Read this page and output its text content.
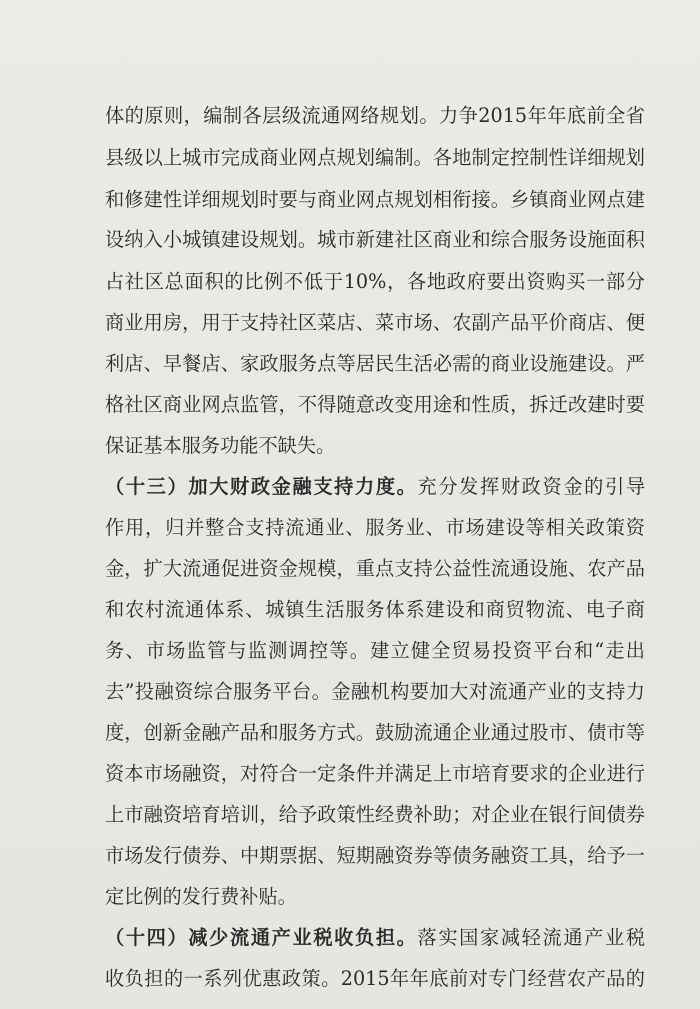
体的原则，编制各层级流通网络规划。力争2015年年底前全省
县级以上城市完成商业网点规划编制。各地制定控制性详细规划
和修建性详细规划时要与商业网点规划相衔接。乡镇商业网点建
设纳入小城镇建设规划。城市新建社区商业和综合服务设施面积
占社区总面积的比例不低于10%，各地政府要出资购买一部分
商业用房，用于支持社区菜店、菜市场、农副产品平价商店、便
利店、早餐店、家政服务点等居民生活必需的商业设施建设。严
格社区商业网点监管，不得随意改变用途和性质，拆迁改建时要
保证基本服务功能不缺失。
（十三）加大财政金融支持力度。充分发挥财政资金的引导
作用，归并整合支持流通业、服务业、市场建设等相关政策资
金，扩大流通促进资金规模，重点支持公益性流通设施、农产品
和农村流通体系、城镇生活服务体系建设和商贸物流、电子商
务、市场监管与监测调控等。建立健全贸易投资平台和“走出
去”投融资综合服务平台。金融机构要加大对流通产业的支持力
度，创新金融产品和服务方式。鼓励流通企业通过股市、债市等
资本市场融资，对符合一定条件并满足上市培育要求的企业进行
上市融资培育培训，给予政策性经费补助；对企业在银行间债券
市场发行债券、中期票据、短期融资券等债务融资工具，给予一
定比例的发行费补贴。
（十四）减少流通产业税收负担。落实国家减轻流通产业税
收负担的一系列优惠政策。2015年年底前对专门经营农产品的
